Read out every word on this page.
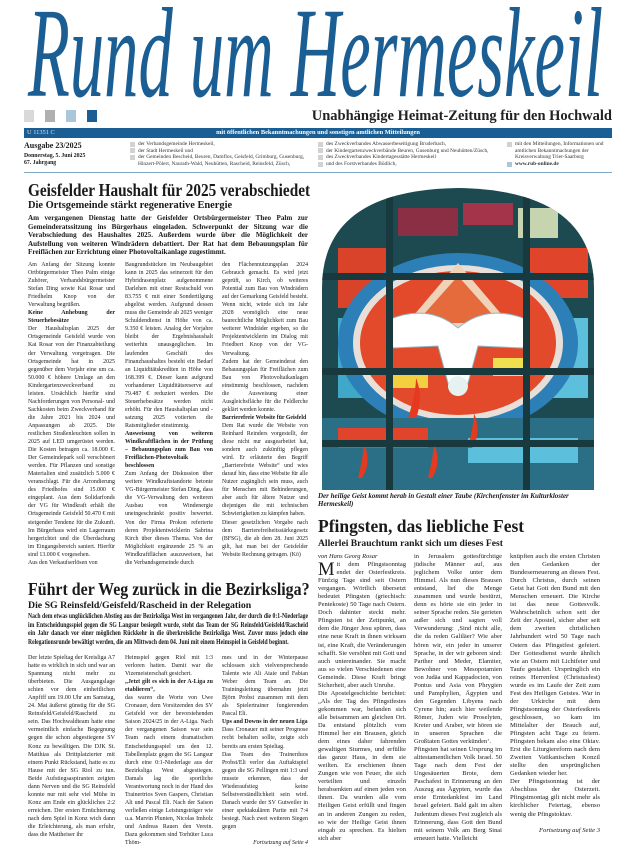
Rund um Hermeskeil
Unabhängige Heimat-Zeitung für den Hochwald
U 11351 C	mit öffentlichen Bekanntmachungen und sonstigen amtlichen Mitteilungen
Ausgabe 23/2025
Donnerstag, 5. Juni 2025
67. Jahrgang
der Verbandsgemeinde Hermeskeil,
der Stadt Hermeskeil und
der Gemeinden Bescheid, Beuren, Damflos, Geisfeld, Grimburg, Gusenburg, Hinzert-Pölert, Naurath-Wald, Neuhütten, Rascheid, Reinsfeld, Züsch,
des Zweckverbandes Abwasserbeseitigung Bruderbach,
der Kindergartenzweckverbände Beuren, Gusenburg und Neuhütten/Züsch,
des Zweckverbandes Kindertagesstätte Hermeskeil
und des Forstverbandes Büdlich,
mit den Mitteilungen, Informationen und amtlichen Bekanntmachungen der Kreisverwaltung Trier-Saarburg
www.rub-online.de
Geisfelder Haushalt für 2025 verabschiedet
Die Ortsgemeinde stärkt regenerative Energie
Am vergangenen Dienstag hatte der Geisfelder Ortsbürgermeister Theo Palm zur Gemeinderatssitzung ins Bürgerhaus eingeladen. Schwerpunkt der Sitzung war die Verabschiedung des Haushaltes 2025. Außerdem wurde über die Möglichkeit der Aufstellung von weiteren Windrädern debattiert. Der Rat hat dem Bebauungsplan für Freiflächen zur Errichtung einer Photovoltaikanlage zugestimmt.

Am Anfang der Sitzung konnte Ortbürgermeister Theo Palm einige Zuhörer, Verbandsbürgermeister Stefan Ding sowie Kai Rosar und Friedhelm Knop von der Verwaltung begrüßen.

Keine Anhebung der Steuerhebesätze

Der Haushaltsplan 2025 der Ortsgemeinde Geisfeld wurde von Kai Rosar von der Finanzabteilung der Verwaltung vorgetragen. Die Ortsgemeinde hat in 2025 gegenüber dem Vorjahr eine um ca. 50.000 € höhere Umlage an den Kindergartenzweckverband zu leisten. Ursächlich hierfür sind Nachforderungen von Personal- und Sachkosten beim Zweckverband für die Jahre 2021 bis 2024 und Anpassungen ab 2025. Die restlichen Straßenleuchten sollen in 2025 auf LED umgerüstet werden. Die Kosten betragen ca. 18.000 €. Der Gemeindepark soll verschönert werden. Für Pflanzen und sonstige Materialien sind zusätzlich 5.000 € veranschlagt. Für die Arrondierung des Friedhofes sind 15.000 € eingeplant. Aus dem Solidarfonds der VG für Windkraft erhält die Ortsgemeinde Geisfeld 50.470 € mit steigender Tendenz für die Zukunft. Im Bürgerhaus wird ein Lagerraum hergerichtet und die Überdachung im Eingangsbereich saniert. Hierfür sind 13.000 € vorgesehen.

Aus den Verkaufserlösen von

Baugrundstücken im Neubaugebiet kann in 2025 das seinerzeit für den Hybridrasenplatz aufgenommene Darlehen mit einer Restschuld von 83.755 € mit einer Sondertilgung abgelöst werden. Aufgrund dessen muss die Gemeinde ab 2025 weniger Schuldendienst in Höhe von ca. 9.350 € leisten. Analog der Vorjahre bleibt der Ergebnishaushalt weiterhin unausgeglichen. Im laufenden Geschäft des Finanzhaushaltes besteht ein Bedarf an Liquiditätskrediten in Höhe von 168.399 €. Dieser kann aufgrund vorhandener Liquiditätsreserve auf 79.487 € reduziert werden. Die Steuerhebesätze werden nicht erhöht. Für den Haushaltsplan und -satzung 2025 votierten die Ratsmitglieder einstimmig.

Ausweisung von weiteren Windkraftflächen in der Prüfung – Bebauungsplan zum Bau von Freiflächen-Photovoltaik beschlossen

Zum Anfang der Diskussion über weitere Windkraftstandorte betonte VG-Bürgermeister Stefan Ding, dass die VG-Verwaltung den weiteren Ausbau von Windenergie uneingeschränkt positiv bewertet. Von der Firma Prokon referierte deren Projektentwicklerin Sabrina Kirch über dieses Thema. Von der Möglichkeit ergänzende 25 % an Windkraftflächen auszuweisen, hat die Verbandsgemeinde durch

den Flächennutzungsplan 2024 Gebrauch gemacht. Es wird jetzt geprüft, so Kirch, ob weiteres Potential zum Bau von Windrädern auf der Gemarkung Geisfeld besteht. Wenn nicht, würde sich im Jahr 2028 womöglich eine neue baurechtliche Möglichkeit zum Bau weiterer Windräder ergeben, so die Projektentwicklerin im Dialog mit Friedbert Knop von der VG-Verwaltung.

Zudem hat der Gemeinderat den Bebauungsplan für Freiflächen zum Bau von Photovoltaikanlagen einstimmig beschlossen, nachdem die Ausweisung einer Ausgleichsfläche für die Feldlerche geklärt werden konnte.

Barrierefreie Website für Geisfeld

Dem Rat wurde die Website von Reinhard Reinders vorgestellt, der diese nicht nur ausgearbeitet hat, sondern auch zukünftig pflegen wird. Er erläuterte den Begriff „Barrierefreie Website“ und wies darauf hin, dass eine Website für alle Nutzer zugänglich sein muss, auch für Menschen mit Behinderungen, aber auch für ältere Nutzer und diejenigen die mit technischen Schwierigkeiten zu kämpfen haben.

Dieser gesetzlichen Vorgabe nach dem Barrierefreiheitsstärkegesetz (BFSG), die ab dem 28. Juni 2025 gilt, hat man bei der Geisfelder Website Rechnung getragen. (Kö)

Führt der Weg zurück in die Bezirksliga?
Die SG Reinsfeld/Geisfeld/Rascheid in der Relegation
Nach dem etwas unglücklichen Abstieg aus der Bezirksliga West im vergangenen Jahr, der durch die 0:1-Niederlage im Entscheidungsspiel gegen die SG Langsur besiegelt wurde, steht das Team der SG Reinsfeld/Geisfeld/Rascheid ein Jahr danach vor einer möglichen Rückkehr in die überkreisliche Bezirksliga West. Zuvor muss jedoch eine Relegationsrunde bewältigt werden, die am Mittwoch dem 04. Juni mit einem Heimspiel in Geisfeld beginnt.

Der letzte Spieltag der Kreisliga A7 hatte es wirklich in sich und war an Spannung nicht mehr zu überbieten. Die Ausgangslage schien vor dem einheitlichen Anpfiff um 19.00 Uhr am Samstag, 24. Mai äußerst günstig für die SG Reinsfeld/Geisfeld/Rascheid zu sein. Das Hochwaldteam hatte eine vermeintlich einfache Begegnung gegen die schon abgestiegene SV Konz zu bewältigen. Die DJK St. Matthias als Drittplatzierter mit einem Punkt Rückstand, hatte es zu Hause mit der SG Riol zu tun. Beide Aufstiegsaspiranten zeigten dann Nerven und die SG Reinsfeld konnte nur mit sehr viel Mühe in Konz am Ende ein glückliches 2:2 erreichen. Der ersten Ernüchterung nach dem Spiel in Konz wich dann die Erleichterung, als man erfuhr, dass die Mattheiser ihr

Heimspiel gegen Riol mit 1:3 verloren hatten. Damit war die Vizemeisterschaft gesichert.

„Jetzt gilt es sich in der A-Liga zu etablieren“,

das waren die Worte von Uwe Cronauer, dem Vorsitzenden des SV Geisfeld vor der bevorstehenden Saison 2024/25 in der A-Liga. Nach der vergangenen Saison war sein Team nach einem dramatischen Entscheidungsspiel um den 12. Tabellenplatz gegen die SG Langsur durch eine 0:1-Niederlage aus der Bezirksliga West abgestiegen. Damals lag die sportliche Verantwortung noch in der Hand des Trainertrios Sven Gaspers, Christian Alt und Pascal Eli. Nach der Saison verließen einige Leistungsträger wie u.a. Marvin Plunien, Nicolas Imholz und Andreas Rauen den Verein. Dazu gekommen sind Torhüter Luca Thöm-

mes und in der Winterpause schlossen sich vielversprechende Talente wie Ali Ataie und Fabian Weber dem Team an. Die Trainingsleitung übernahm jetzt Björn Probst zusammen mit dem als Spielertrainer fungierenden Pascal Eli.

Ups and Downs in der neuen Liga

Dass Cronauer mit seiner Prognose recht behalten sollte, zeigte sich bereits am ersten Spieltag.

Das Team des Trainerduos Probst/Eli verlor das Auftaktspiel gegen die SG Pellingen mit 1:3 und musste erkennen, dass der Wiederaufstieg keine Selbstverständlichkeit sein wird. Danach wurde der SV Gutweiler in einer spektakulären Partie mit 7:4 besiegt. Nach zwei weiteren Siegen gegen

Fortsetzung auf Seite 4

Der heilige Geist kommt herab in Gestalt einer Taube (Kirchenfenster im Kulturkloster Hermeskeil)
Pfingsten, das liebliche Fest
Allerlei Brauchtum rankt sich um dieses Fest

von Hans Georg Rosar

Mit dem Pfingstsonntag endet der Osterfestkreis. Fünfzig Tage sind seit Ostern vergangen. Wörtlich übersetzt bedeutet Pfingsten (griechisch: Pentekoste) 50 Tage nach Ostern. Doch dahinter steckt mehr. Pfingsten ist der Zeitpunkt, an dem die Jünger Jesu spüren, dass eine neue Kraft in ihnen wirksam ist, eine Kraft, die Veränderungen schafft. Sie versöhnt mit Gott und auch untereinander. Sie macht aus so vielen Verschiedenen eine Gemeinde. Diese Kraft bringt Sicherheit, aber auch Unruhe.

Die Apostelgeschichte berichtet: „Als der Tag des Pfingstfestes gekommen war, befanden sich alle beisammen am gleichen Ort. Da entstand plötzlich vom Himmel her ein Brausen, gleich dem eines daher fahrenden gewaltigen Sturmes, und erfüllte das ganze Haus, in dem sie weilten. Es erschienen ihnen Zungen wie von Feuer, die sich verteilten und einzeln herabsenkten auf einen jeden von ihnen. Da wurden alle vom Heiligen Geist erfüllt und fingen an in anderen Zungen zu reden, so wie der Heilige Geist ihnen eingab zu sprechen. Es hielten sich aber

in Jerusalem gottesfürchtige jüdische Männer auf, aus jeglichem Volke unter dem Himmel. Als nun dieses Brausen entstand, lief die Menge zusammen und wurde bestürzt, denn es hörte sie ein jeder in seiner Sprache reden. Sie gerieten außer sich und sagten voll Verwunderung: ‚Sind nicht alle, die da reden Galiläer? Wie aber hören wir, ein jeder in unserer Sprache, in der wir geboren sind: Parther und Meder, Elamiter, Bewohner von Mesopotamien von Judäa und Kappadocien, von Pontus und Asia von Phrygien und Pamphylien, Ägypten und den Gegenden Libyens nach Cyrene hin; auch hier weilende Römer, Juden wie Proselyten, Kreter und Araber, wir hören sie in unseren Sprachen die Großtaten Gottes verkünden‘.

Pfingsten hat seinen Ursprung im alttestamentlichen Volk Israel. 50 Tage nach dem Fest der Ungesäuerten Brote, dem Paschafest in Erinnerung an den Auszug aus Ägypten, wurde das erste Erntedankfest im Land Israel gefeiert. Bald galt im alten Judentum dieses Fest zugleich als Erinnerung, dass Gott den Bund mit seinem Volk am Berg Sinai erneuert hatte. Vielleicht

knüpften auch die ersten Christen den Gedanken der Bundeserneuerung an dieses Fest. Durch Christus, durch seinen Geist hat Gott den Bund mit den Menschen erneuert. Die Kirche ist das neue Gottesvolk. Wahrscheinlich schon seit der Zeit der Apostel, sicher aber seit dem zweiten christlichen Jahrhundert wird 50 Tage nach Ostern das Pfingstfest gefeiert. Der Gottesdienst wurde ähnlich wie an Ostern mit Lichtfeier und Taufe gestaltet. Ursprünglich ein reines Herrenfest (Christusfest) wurde es im Laufe der Zeit zum Fest des Heiligen Geistes. War in der Urkirche mit dem Pfingstsonntag der Osterfestkreis geschlossen, so kam im Mittelalter der Brauch auf, Pfingsten acht Tage zu feiern. Pfingsten bekam also eine Oktav. Erst die Liturgiereform nach dem Zweiten Vatikanischen Konzil stellte den ursprünglichen Gedanken wieder her.

Der Pfingstsonntag ist der Abschluss der Osterzeit. Pfingstmontag gilt nicht mehr als kirchlicher Feiertag, ebenso wenig die Pfingstoktav.

Fortsetzung auf Seite 3
